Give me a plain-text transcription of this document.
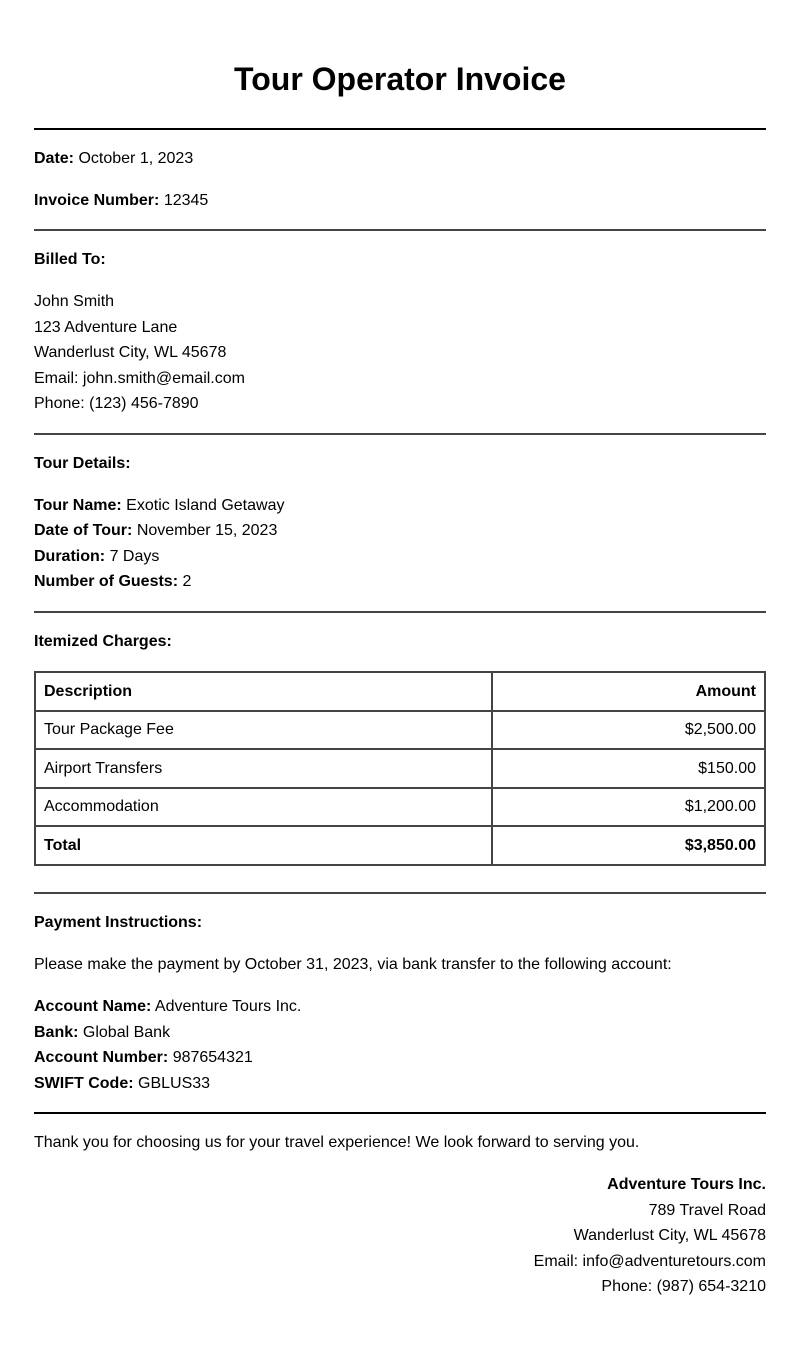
Tour Operator Invoice
Date: October 1, 2023
Invoice Number: 12345
Billed To:
John Smith
123 Adventure Lane
Wanderlust City, WL 45678
Email: john.smith@email.com
Phone: (123) 456-7890
Tour Details:
Tour Name: Exotic Island Getaway
Date of Tour: November 15, 2023
Duration: 7 Days
Number of Guests: 2
Itemized Charges:
Description	Amount
Tour Package Fee	$2,500.00
Airport Transfers	$150.00
Accommodation	$1,200.00
Total	$3,850.00
Payment Instructions:
Please make the payment by October 31, 2023, via bank transfer to the following account:
Account Name: Adventure Tours Inc.
Bank: Global Bank
Account Number: 987654321
SWIFT Code: GBLUS33
Thank you for choosing us for your travel experience! We look forward to serving you.
Adventure Tours Inc.
789 Travel Road
Wanderlust City, WL 45678
Email: info@adventuretours.com
Phone: (987) 654-3210
